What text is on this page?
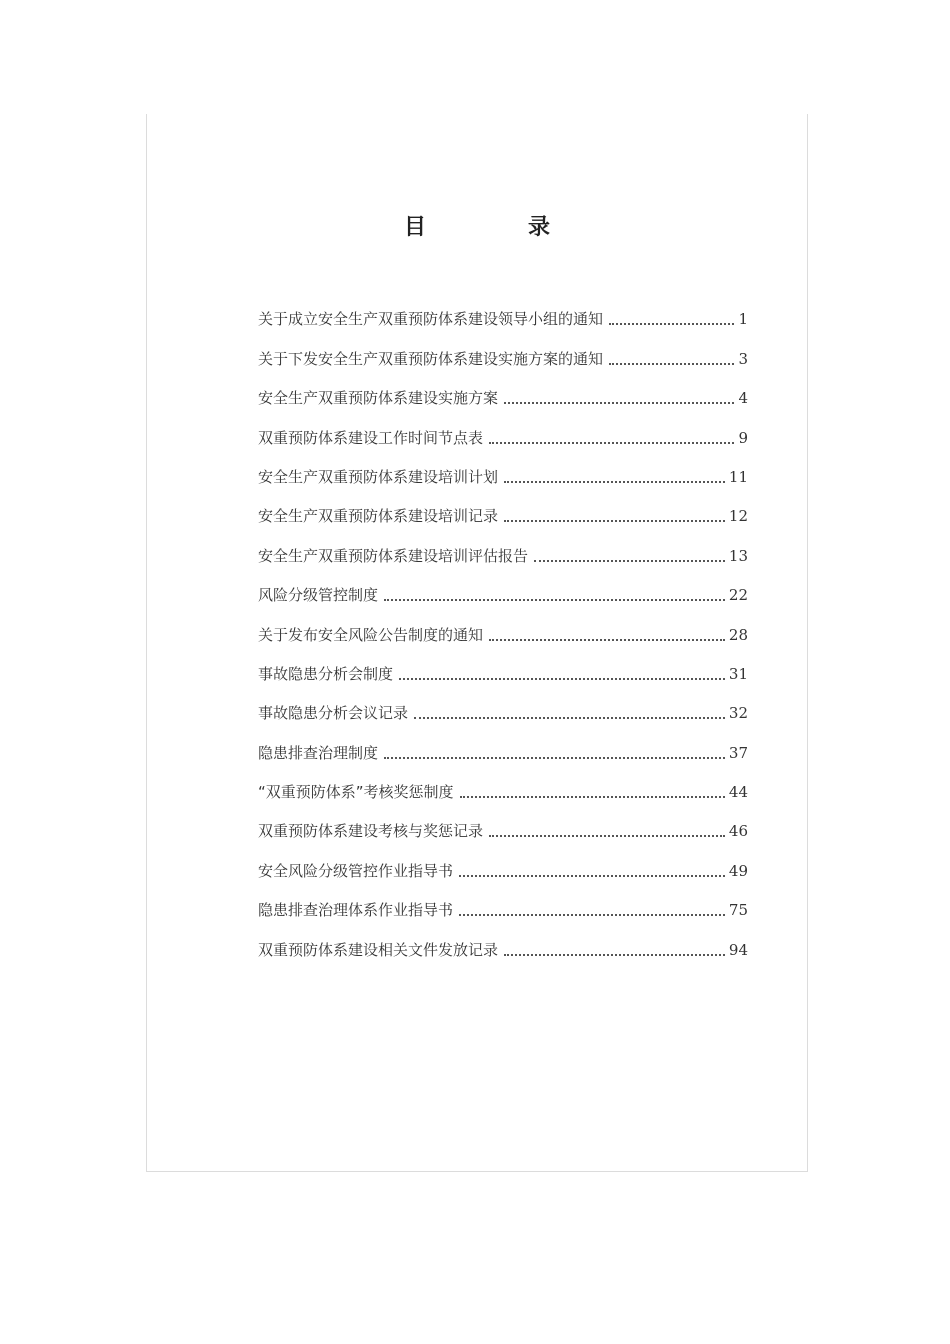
目　录
关于成立安全生产双重预防体系建设领导小组的通知	1
关于下发安全生产双重预防体系建设实施方案的通知	3
安全生产双重预防体系建设实施方案	4
双重预防体系建设工作时间节点表	9
安全生产双重预防体系建设培训计划	11
安全生产双重预防体系建设培训记录	12
安全生产双重预防体系建设培训评估报告	13
风险分级管控制度	22
关于发布安全风险公告制度的通知	28
事故隐患分析会制度	31
事故隐患分析会议记录	32
隐患排查治理制度	37
“双重预防体系”考核奖惩制度	44
双重预防体系建设考核与奖惩记录	46
安全风险分级管控作业指导书	49
隐患排查治理体系作业指导书	75
双重预防体系建设相关文件发放记录	94
